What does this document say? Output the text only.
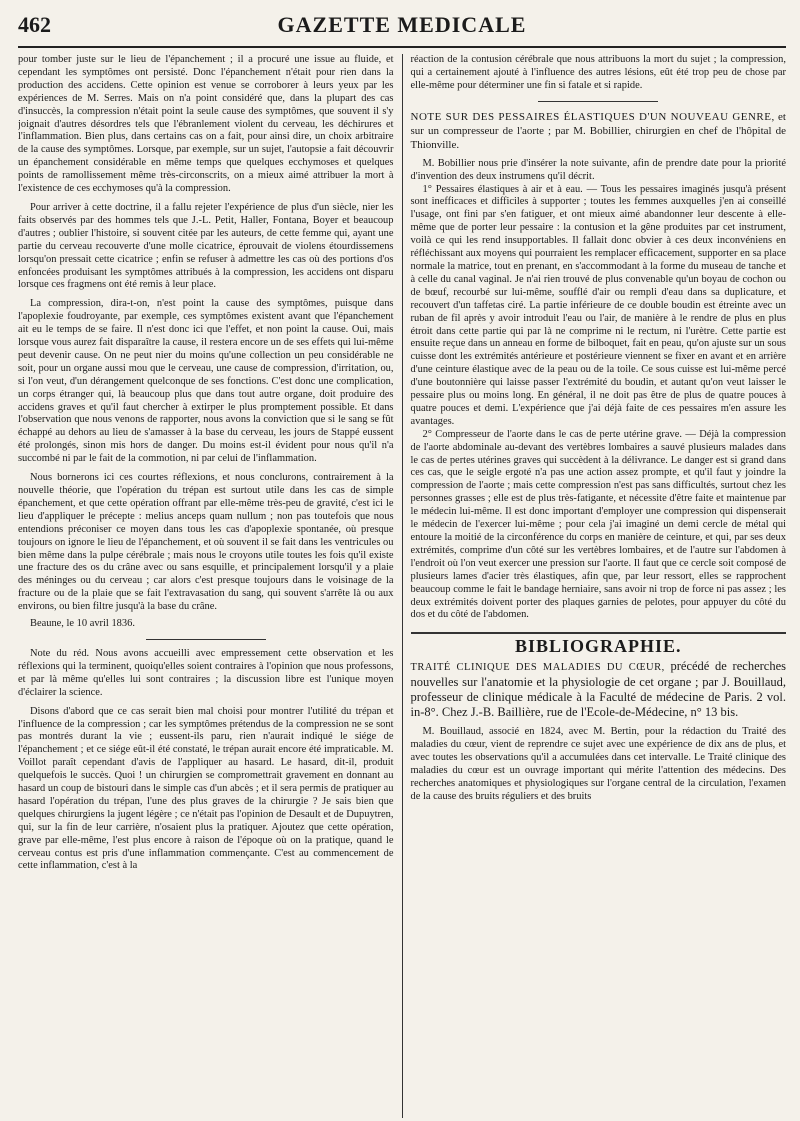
462	GAZETTE MEDICALE

pour tomber juste sur le lieu de l'épanchement ; il a procuré une issue au fluide, et cependant les symptômes ont persisté. Donc l'épanchement n'était pour rien dans la production des accidens. Cette opinion est venue se corroborer à leurs yeux par les expériences de M. Serres. Mais on n'a point considéré que, dans la plupart des cas d'insuccès, la compression n'était point la seule cause des symptômes, que souvent il s'y joignait d'autres désordres tels que l'ébranlement violent du cerveau, les déchirures et l'inflammation. Bien plus, dans certains cas on a fait, pour ainsi dire, un choix arbitraire de la cause des symptômes. Lorsque, par exemple, sur un sujet, l'autopsie a fait découvrir un épanchement considérable en même temps que quelques ecchymoses et quelques points de ramollissement même très-circonscrits, on a mieux aimé attribuer la mort à l'existence de ces ecchymoses qu'à la compression.

Pour arriver à cette doctrine, il a fallu rejeter l'expérience de plus d'un siècle, nier les faits observés par des hommes tels que J.-L. Petit, Haller, Fontana, Boyer et beaucoup d'autres ; oublier l'histoire, si souvent citée par les auteurs, de cette femme qui, ayant une partie du cerveau recouverte d'une molle cicatrice, éprouvait de violens étourdissemens lorsqu'on pressait cette cicatrice ; enfin se refuser à admettre les cas où des portions d'os enfoncées produisant les symptômes attribués à la compression, les accidens ont disparu lorsque ces fragmens ont été remis à leur place.

La compression, dira-t-on, n'est point la cause des symptômes, puisque dans l'apoplexie foudroyante, par exemple, ces symptômes existent avant que l'épanchement ait eu le temps de se faire. Il n'est donc ici que l'effet, et non point la cause. Oui, mais lorsque vous aurez fait disparaître la cause, il restera encore un de ses effets qui lui-même peut devenir cause. On ne peut nier du moins qu'une collection un peu considérable ne soit, pour un organe aussi mou que le cerveau, une cause de compression, d'irritation, ou, si l'on veut, d'un dérangement quelconque de ses fonctions. C'est donc une complication, un corps étranger qui, là beaucoup plus que dans tout autre organe, doit produire des accidens graves et qu'il faut chercher à extirper le plus promptement possible. Et dans l'observation que nous venons de rapporter, nous avons la conviction que si le sang se fût échappé au dehors au lieu de s'amasser à la base du cerveau, les jours de Stappé eussent été prolongés, sinon mis hors de danger. Du moins est-il évident pour nous qu'il n'a succombé ni par le fait de la commotion, ni par celui de l'inflammation.

Nous bornerons ici ces courtes réflexions, et nous conclurons, contrairement à la nouvelle théorie, que l'opération du trépan est surtout utile dans les cas de simple épanchement, et que cette opération offrant par elle-même très-peu de gravité, c'est ici le lieu d'appliquer le précepte : melius anceps quam nullum ; non pas toutefois que nous entendions préconiser ce moyen dans tous les cas d'apoplexie spontanée, où presque toujours on ignore le lieu de l'épanchement, et où souvent il se fait dans les ventricules ou bien même dans la pulpe cérébrale ; mais nous le croyons utile toutes les fois qu'il existe une fracture des os du crâne avec ou sans esquille, et principalement lorsqu'il y a plaie des méninges ou du cerveau ; car alors c'est presque toujours dans le voisinage de la fracture ou de la plaie que se fait l'extravasation du sang, qui souvent s'arrête là ou aux environs, ou bien filtre jusqu'à la base du crâne.

Beaune, le 10 avril 1836.

Note du réd. Nous avons accueilli avec empressement cette observation et les réflexions qui la terminent, quoiqu'elles soient contraires à l'opinion que nous professons, et par là même qu'elles lui sont contraires ; la discussion libre est l'unique moyen d'éclairer la science.

Disons d'abord que ce cas serait bien mal choisi pour montrer l'utilité du trépan et l'influence de la compression ; car les symptômes prétendus de la compression ne se sont pas montrés durant la vie ; eussent-ils paru, rien n'aurait indiqué le siége de l'épanchement ; et ce siége eût-il été constaté, le trépan aurait encore été impraticable. M. Voillot paraît cependant d'avis de l'appliquer au hasard. Le hasard, dit-il, produit quelquefois le succès. Quoi ! un chirurgien se compromettrait gravement en donnant au hasard un coup de bistouri dans le simple cas d'un abcès ; et il sera permis de pratiquer au hasard l'opération du trépan, l'une des plus graves de la chirurgie ? Je sais bien que quelques chirurgiens la jugent légère ; ce n'était pas l'opinion de Desault et de Dupuytren, qui, sur la fin de leur carrière, n'osaient plus la pratiquer. Ajoutez que cette opération, grave par elle-même, l'est plus encore à raison de l'époque où on la pratique, quand le cerveau contus est pris d'une inflammation commençante. C'est au commencement de cette inflammation, c'est à la

réaction de la contusion cérébrale que nous attribuons la mort du sujet ; la compression, qui a certainement ajouté à l'influence des autres lésions, eût été trop peu de chose par elle-même pour déterminer une fin si fatale et si rapide.

NOTE SUR DES PESSAIRES ÉLASTIQUES D'UN NOUVEAU GENRE, et sur un compresseur de l'aorte ; par M. Bobillier, chirurgien en chef de l'hôpital de Thionville.

M. Bobillier nous prie d'insérer la note suivante, afin de prendre date pour la priorité d'invention des deux instrumens qu'il décrit.

1° Pessaires élastiques à air et à eau. — Tous les pessaires imaginés jusqu'à présent sont inefficaces et difficiles à supporter ; toutes les femmes auxquelles j'en ai conseillé l'usage, ont fini par s'en fatiguer, et ont mieux aimé abandonner leur descente à elle-même que de porter leur pessaire : la contusion et la gêne produites par cet instrument, voilà ce qui les rend insupportables. Il fallait donc obvier à ces deux inconvéniens en réfléchissant aux moyens qui pourraient les remplacer efficacement, supporter en sa place normale la matrice, tout en prenant, en s'accommodant à la forme du museau de tanche et à celle du canal vaginal. Je n'ai rien trouvé de plus convenable qu'un boyau de cochon ou de bœuf, recourbé sur lui-même, soufflé d'air ou rempli d'eau dans sa duplicature, et recouvert d'un taffetas ciré. La partie inférieure de ce double boudin est étreinte avec un ruban de fil après y avoir introduit l'eau ou l'air, de manière à le rendre de plus en plus étroit dans cette partie qui par là ne comprime ni le rectum, ni l'urètre. Cette partie est ensuite reçue dans un anneau en forme de bilboquet, fait en peau, qu'on ajuste sur un sous cuisse dont les extrémités antérieure et postérieure viennent se fixer en avant et en arrière d'une ceinture élastique avec de la peau ou de la toile. Ce sous cuisse est lui-même percé d'une boutonnière qui laisse passer l'extrémité du boudin, et autant qu'on veut laisser le pessaire plus ou moins long. En général, il ne doit pas être de plus de quatre pouces à quatre pouces et demi. L'expérience que j'ai déjà faite de ces pessaires m'en assure les avantages.

2° Compresseur de l'aorte dans le cas de perte utérine grave. — Déjà la compression de l'aorte abdominale au-devant des vertèbres lombaires a sauvé plusieurs malades dans le cas de pertes utérines graves qui succèdent à la délivrance. Le danger est si grand dans ces cas, que le seigle ergoté n'a pas une action assez prompte, et qu'il faut y joindre la compression de l'aorte ; mais cette compression n'est pas sans difficultés, surtout chez les personnes grasses ; elle est de plus très-fatigante, et nécessite d'être faite et maintenue par le médecin lui-même. Il est donc important d'employer une compression qui dispenserait le médecin de l'exercer lui-même ; pour cela j'ai imaginé un demi cercle de métal qui entoure la moitié de la circonférence du corps en manière de ceinture, et qui, par ses deux extrémités, comprime d'un côté sur les vertèbres lombaires, et de l'autre sur l'abdomen à l'endroit où l'on veut exercer une pression sur l'aorte. Il faut que ce cercle soit composé de plusieurs lames d'acier très élastiques, afin que, par leur ressort, elles se rapprochent beaucoup comme le fait le bandage herniaire, sans avoir ni trop de force ni pas assez ; les deux extrémités doivent porter des plaques garnies de pelotes, pour appuyer du côté du dos et du côté de l'abdomen.

BIBLIOGRAPHIE.
TRAITÉ CLINIQUE DES MALADIES DU CŒUR, précédé de recherches nouvelles sur l'anatomie et la physiologie de cet organe ; par J. Bouillaud, professeur de clinique médicale à la Faculté de médecine de Paris. 2 vol. in-8°. Chez J.-B. Baillière, rue de l'Ecole-de-Médecine, n° 13 bis.

M. Bouillaud, associé en 1824, avec M. Bertin, pour la rédaction du Traité des maladies du cœur, vient de reprendre ce sujet avec une expérience de dix ans de plus, et avec toutes les observations qu'il a accumulées dans cet intervalle. Le Traité clinique des maladies du cœur est un ouvrage important qui mérite l'attention des médecins. Des recherches anatomiques et physiologiques sur l'organe central de la circulation, l'examen de la cause des bruits réguliers et des bruits
